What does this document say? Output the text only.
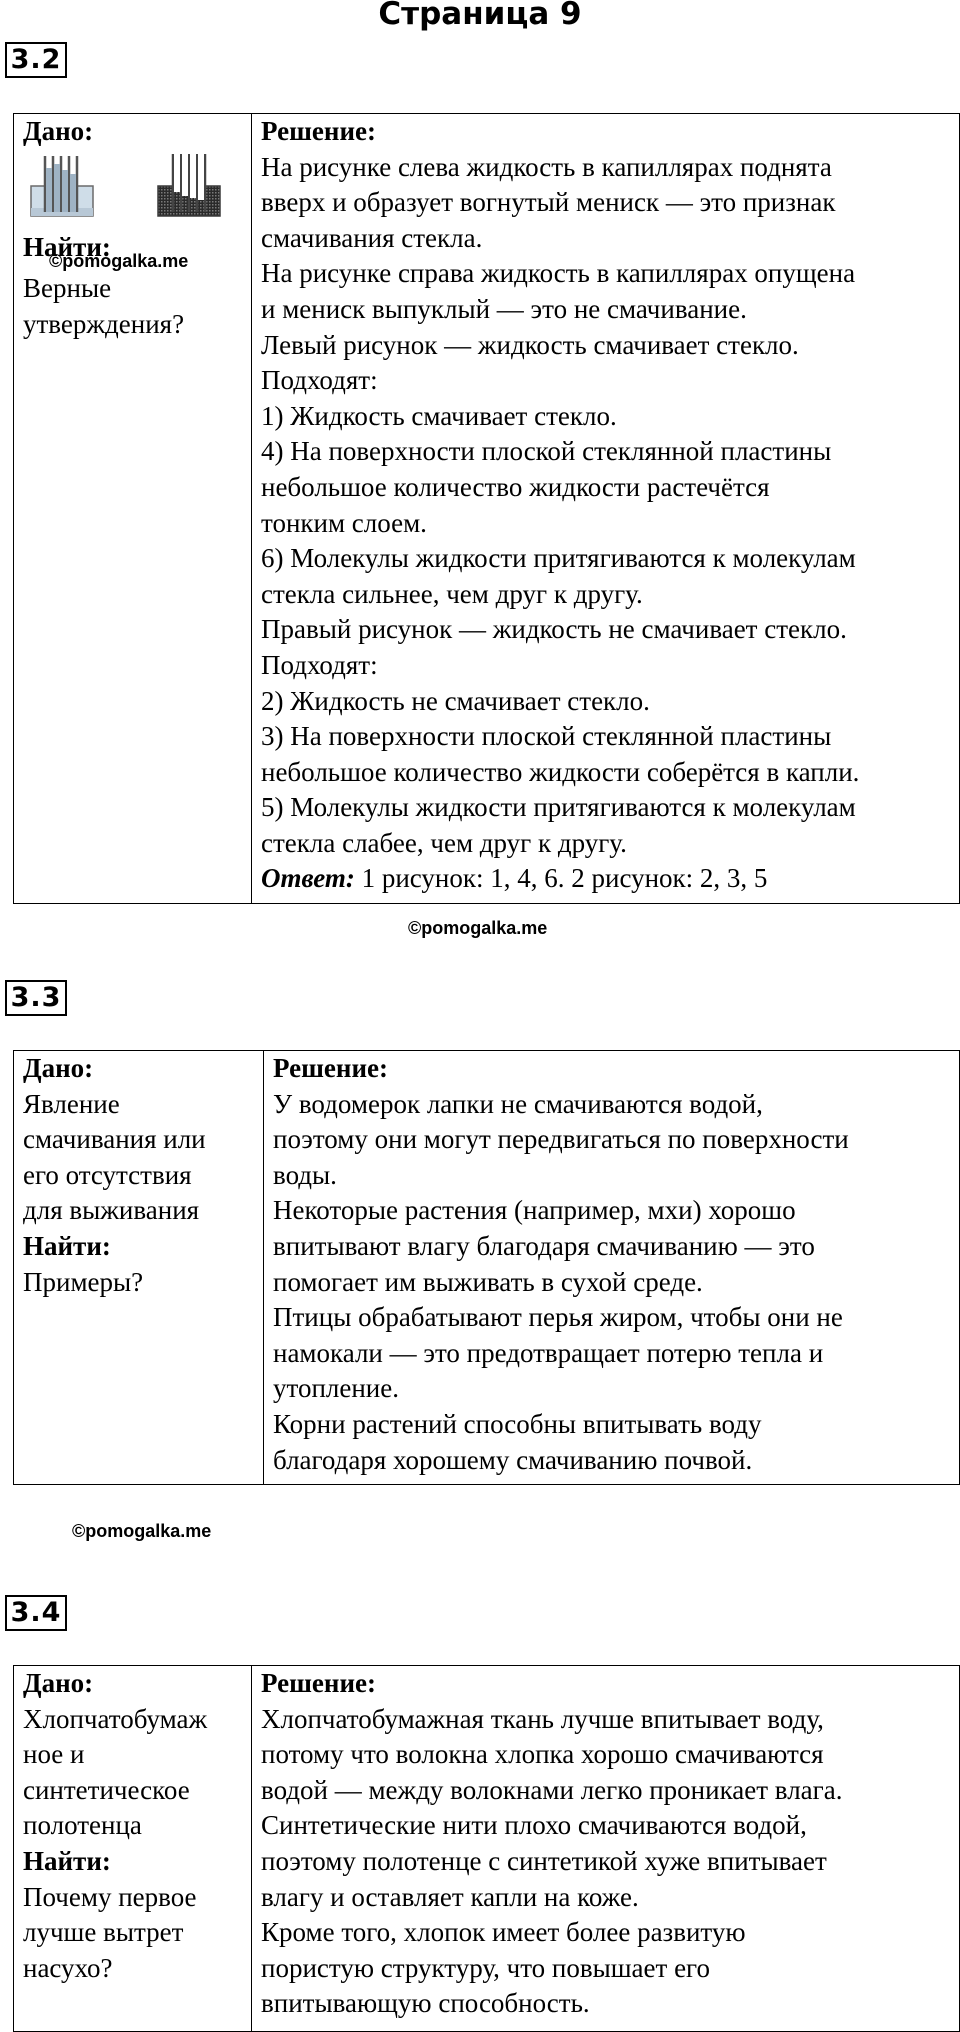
Страница 9
3.2
Дано:
Найти:
©pomogalka.me
Верные
утверждения?

Решение:
На рисунке слева жидкость в капиллярах поднята
вверх и образует вогнутый мениск — это признак
смачивания стекла.
На рисунке справа жидкость в капиллярах опущена
и мениск выпуклый — это не смачивание.
Левый рисунок — жидкость смачивает стекло.
Подходят:
1) Жидкость смачивает стекло.
4) На поверхности плоской стеклянной пластины
небольшое количество жидкости растечётся
тонким слоем.
6) Молекулы жидкости притягиваются к молекулам
стекла сильнее, чем друг к другу.
Правый рисунок — жидкость не смачивает стекло.
Подходят:
2) Жидкость не смачивает стекло.
3) На поверхности плоской стеклянной пластины
небольшое количество жидкости соберётся в капли.
5) Молекулы жидкости притягиваются к молекулам
стекла слабее, чем друг к другу.
Ответ: 1 рисунок: 1, 4, 6. 2 рисунок: 2, 3, 5
©pomogalka.me
3.3
Дано:
Явление
смачивания или
его отсутствия
для выживания
Найти:
Примеры?

Решение:
У водомерок лапки не смачиваются водой,
поэтому они могут передвигаться по поверхности
воды.
Некоторые растения (например, мхи) хорошо
впитывают влагу благодаря смачиванию — это
помогает им выживать в сухой среде.
Птицы обрабатывают перья жиром, чтобы они не
намокали — это предотвращает потерю тепла и
утопление.
Корни растений способны впитывать воду
благодаря хорошему смачиванию почвой.
©pomogalka.me
3.4
Дано:
Хлопчатобумаж
ное и
синтетическое
полотенца
Найти:
Почему первое
лучше вытрет
насухо?

Решение:
Хлопчатобумажная ткань лучше впитывает воду,
потому что волокна хлопка хорошо смачиваются
водой — между волокнами легко проникает влага.
Синтетические нити плохо смачиваются водой,
поэтому полотенце с синтетикой хуже впитывает
влагу и оставляет капли на коже.
Кроме того, хлопок имеет более развитую
пористую структуру, что повышает его
впитывающую способность.
